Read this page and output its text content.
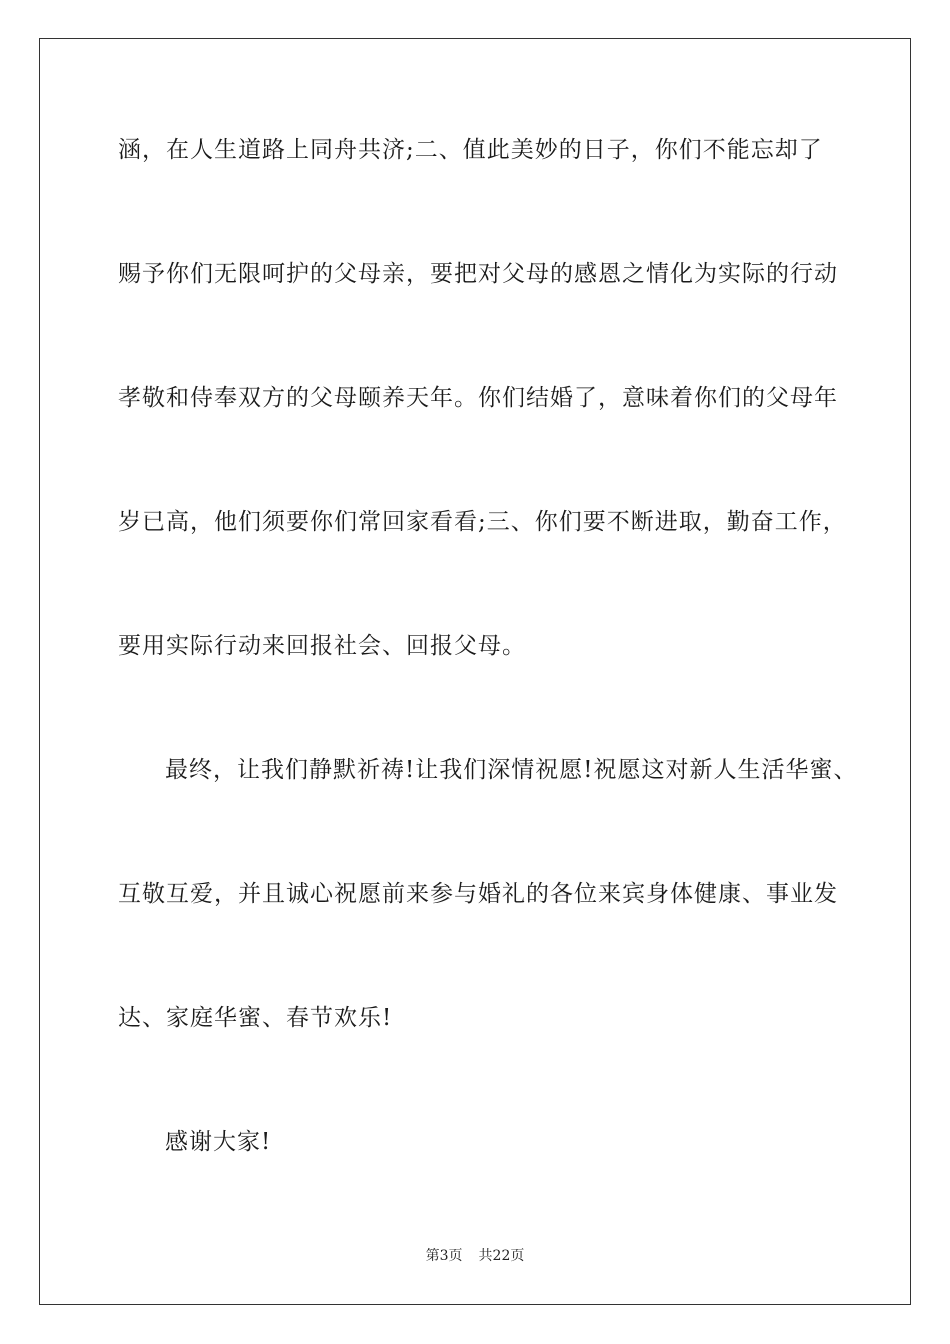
涵，在人生道路上同舟共济;二、值此美妙的日子，你们不能忘却了
赐予你们无限呵护的父母亲，要把对父母的感恩之情化为实际的行动
孝敬和侍奉双方的父母颐养天年。你们结婚了，意味着你们的父母年
岁已高，他们须要你们常回家看看;三、你们要不断进取，勤奋工作，
要用实际行动来回报社会、回报父母。
最终，让我们静默祈祷!让我们深情祝愿!祝愿这对新人生活华蜜、
互敬互爱，并且诚心祝愿前来参与婚礼的各位来宾身体健康、事业发
达、家庭华蜜、春节欢乐!
感谢大家!
第3页 共22页
